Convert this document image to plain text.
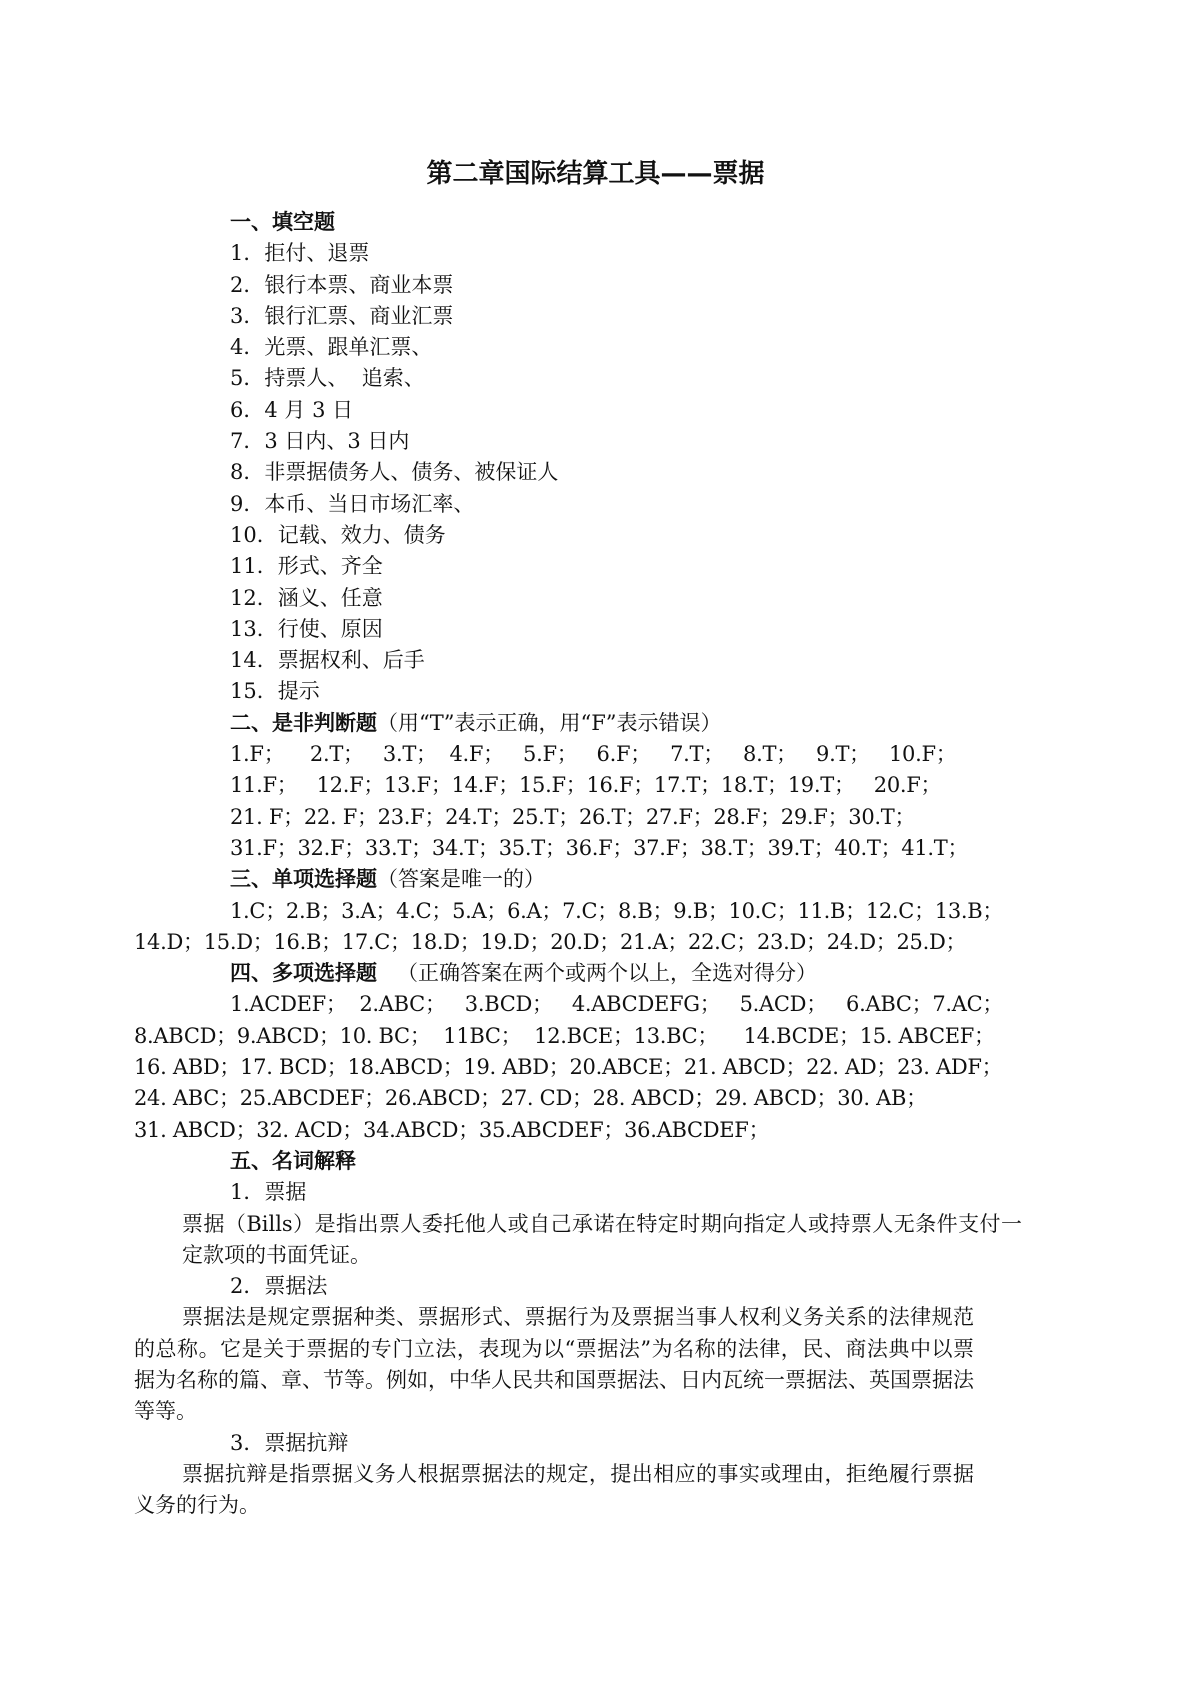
第二章国际结算工具——票据
一、填空题
1．拒付、退票
2．银行本票、商业本票
3．银行汇票、商业汇票
4．光票、跟单汇票、
5．持票人、  追索、
6．4 月 3 日
7．3 日内、3 日内
8．非票据债务人、债务、被保证人
9．本币、当日市场汇率、
10．记载、效力、债务
11．形式、齐全
12．涵义、任意
13．行使、原因
14．票据权利、后手
15．提示
二、是非判断题（用“T”表示正确，用“F”表示错误）
1.F；    2.T；   3.T；  4.F；   5.F；   6.F；   7.T；   8.T；   9.T；   10.F；
11.F；   12.F；13.F；14.F；15.F；16.F；17.T；18.T；19.T；   20.F；
21. F；22. F；23.F；24.T；25.T；26.T；27.F；28.F；29.F；30.T；
31.F；32.F；33.T；34.T；35.T；36.F；37.F；38.T；39.T；40.T；41.T；
三、单项选择题（答案是唯一的）
1.C；2.B；3.A；4.C；5.A；6.A；7.C；8.B；9.B；10.C；11.B；12.C；13.B；
14.D；15.D；16.B；17.C；18.D；19.D；20.D；21.A；22.C；23.D；24.D；25.D；
四、多项选择题   （正确答案在两个或两个以上，全选对得分）
1.ACDEF；  2.ABC；   3.BCD；   4.ABCDEFG；   5.ACD；   6.ABC；7.AC；
8.ABCD；9.ABCD；10. BC；  11BC；  12.BCE；13.BC；    14.BCDE；15. ABCEF；
16. ABD；17. BCD；18.ABCD；19. ABD；20.ABCE；21. ABCD；22. AD；23. ADF；
24. ABC；25.ABCDEF；26.ABCD；27. CD；28. ABCD；29. ABCD；30. AB；
31. ABCD；32. ACD；34.ABCD；35.ABCDEF；36.ABCDEF；
五、名词解释
1．票据

票据（Bills）是指出票人委托他人或自己承诺在特定时期向指定人或持票人无条件支付一定款项的书面凭证。

2．票据法

票据法是规定票据种类、票据形式、票据行为及票据当事人权利义务关系的法律规范的总称。它是关于票据的专门立法，表现为以“票据法”为名称的法律，民、商法典中以票据为名称的篇、章、节等。例如，中华人民共和国票据法、日内瓦统一票据法、英国票据法等等。

3．票据抗辩

票据抗辩是指票据义务人根据票据法的规定，提出相应的事实或理由，拒绝履行票据义务的行为。
